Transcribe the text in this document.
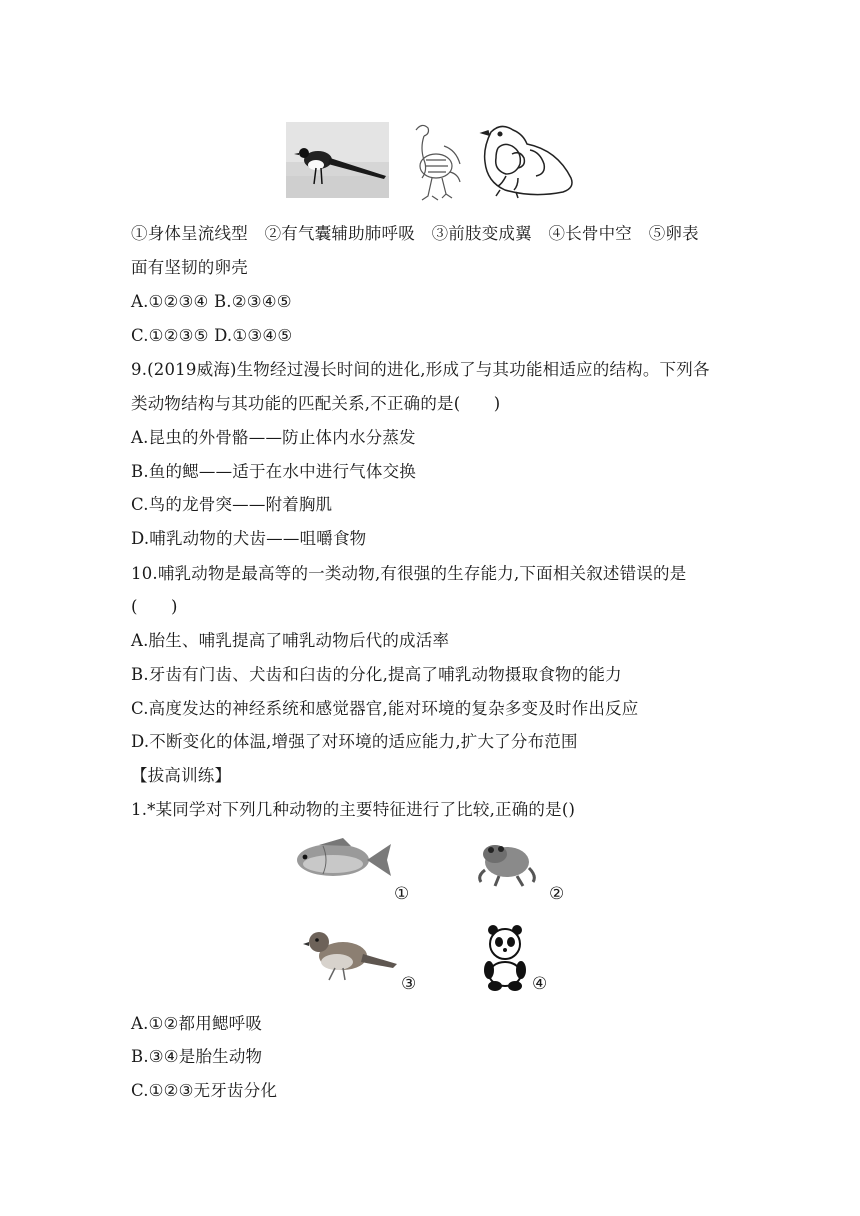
①身体呈流线型　②有气囊辅助肺呼吸　③前肢变成翼　④长骨中空　⑤卵表
面有坚韧的卵壳
A.①②③④ B.②③④⑤
C.①②③⑤ D.①③④⑤
9.(2019威海)生物经过漫长时间的进化,形成了与其功能相适应的结构。下列各
类动物结构与其功能的匹配关系,不正确的是(　　)
A.昆虫的外骨骼——防止体内水分蒸发
B.鱼的鳃——适于在水中进行气体交换
C.鸟的龙骨突——附着胸肌
D.哺乳动物的犬齿——咀嚼食物
10.哺乳动物是最高等的一类动物,有很强的生存能力,下面相关叙述错误的是
(　　)
A.胎生、哺乳提高了哺乳动物后代的成活率
B.牙齿有门齿、犬齿和臼齿的分化,提高了哺乳动物摄取食物的能力
C.高度发达的神经系统和感觉器官,能对环境的复杂多变及时作出反应
D.不断变化的体温,增强了对环境的适应能力,扩大了分布范围
【拔高训练】
1.*某同学对下列几种动物的主要特征进行了比较,正确的是()
①	②
③	④
A.①②都用鳃呼吸
B.③④是胎生动物
C.①②③无牙齿分化
